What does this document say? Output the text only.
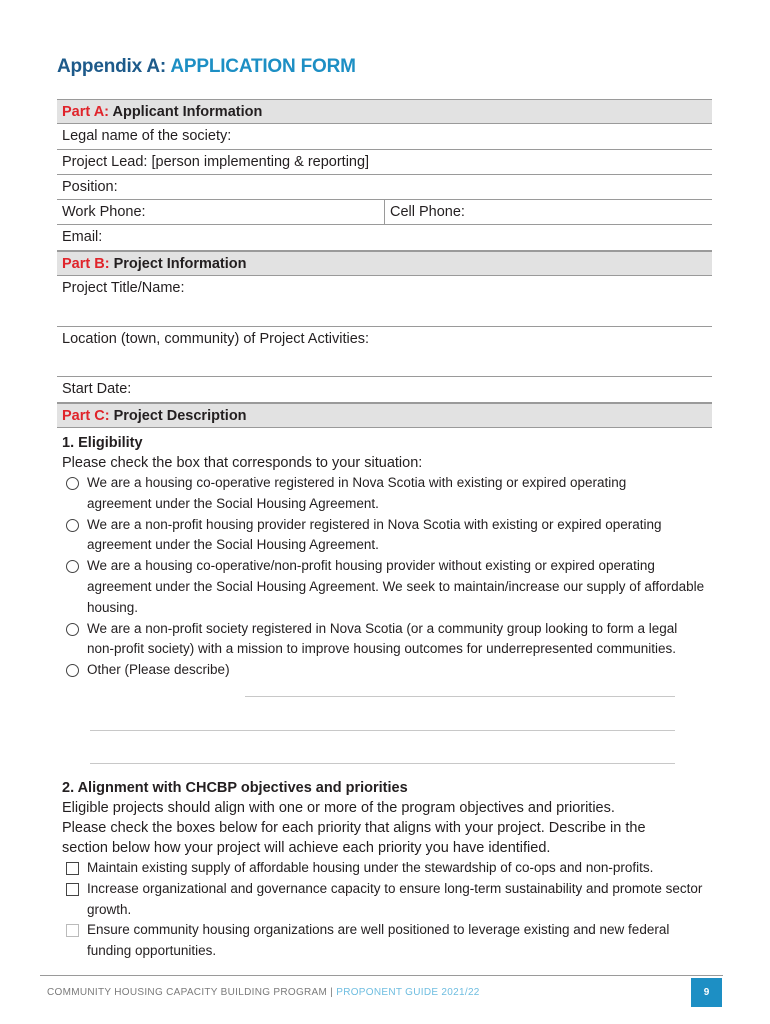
Appendix A: APPLICATION FORM
Part A: Applicant Information
Legal name of the society:
Project Lead: [person implementing & reporting]
Position:
Work Phone:	Cell Phone:
Email:
Part B: Project Information
Project Title/Name:
Location (town, community) of Project Activities:
Start Date:
Part C: Project Description
1. Eligibility
Please check the box that corresponds to your situation:
We are a housing co-operative registered in Nova Scotia with existing or expired operating agreement under the Social Housing Agreement.
We are a non-profit housing provider registered in Nova Scotia with existing or expired operating agreement under the Social Housing Agreement.
We are a housing co-operative/non-profit housing provider without existing or expired operating agreement under the Social Housing Agreement. We seek to maintain/increase our supply of affordable housing.
We are a non-profit society registered in Nova Scotia (or a community group looking to form a legal non-profit society) with a mission to improve housing outcomes for underrepresented communities.
Other (Please describe)
2. Alignment with CHCBP objectives and priorities
Eligible projects should align with one or more of the program objectives and priorities.
Please check the boxes below for each priority that aligns with your project. Describe in the section below how your project will achieve each priority you have identified.
Maintain existing supply of affordable housing under the stewardship of co-ops and non-profits.
Increase organizational and governance capacity to ensure long-term sustainability and promote sector growth.
Ensure community housing organizations are well positioned to leverage existing and new federal funding opportunities.
COMMUNITY HOUSING CAPACITY BUILDING PROGRAM | PROPONENT GUIDE 2021/22	9
